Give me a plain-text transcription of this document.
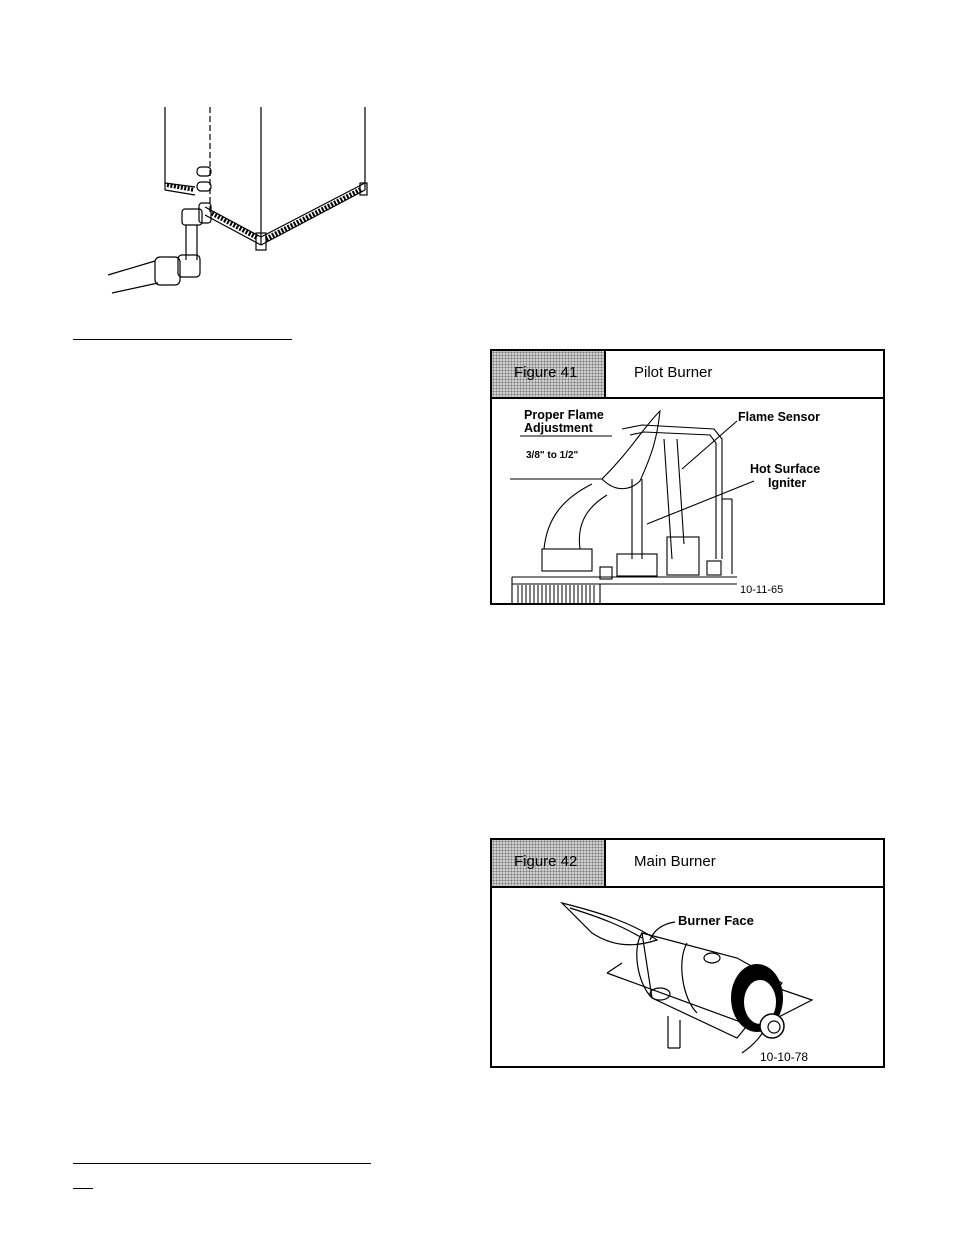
Figure 41	Pilot Burner
Proper Flame
Adjustment
3/8" to 1/2"
Flame Sensor
Hot Surface
Igniter
10-11-65
Figure 42	Main Burner
Burner Face
10-10-78
